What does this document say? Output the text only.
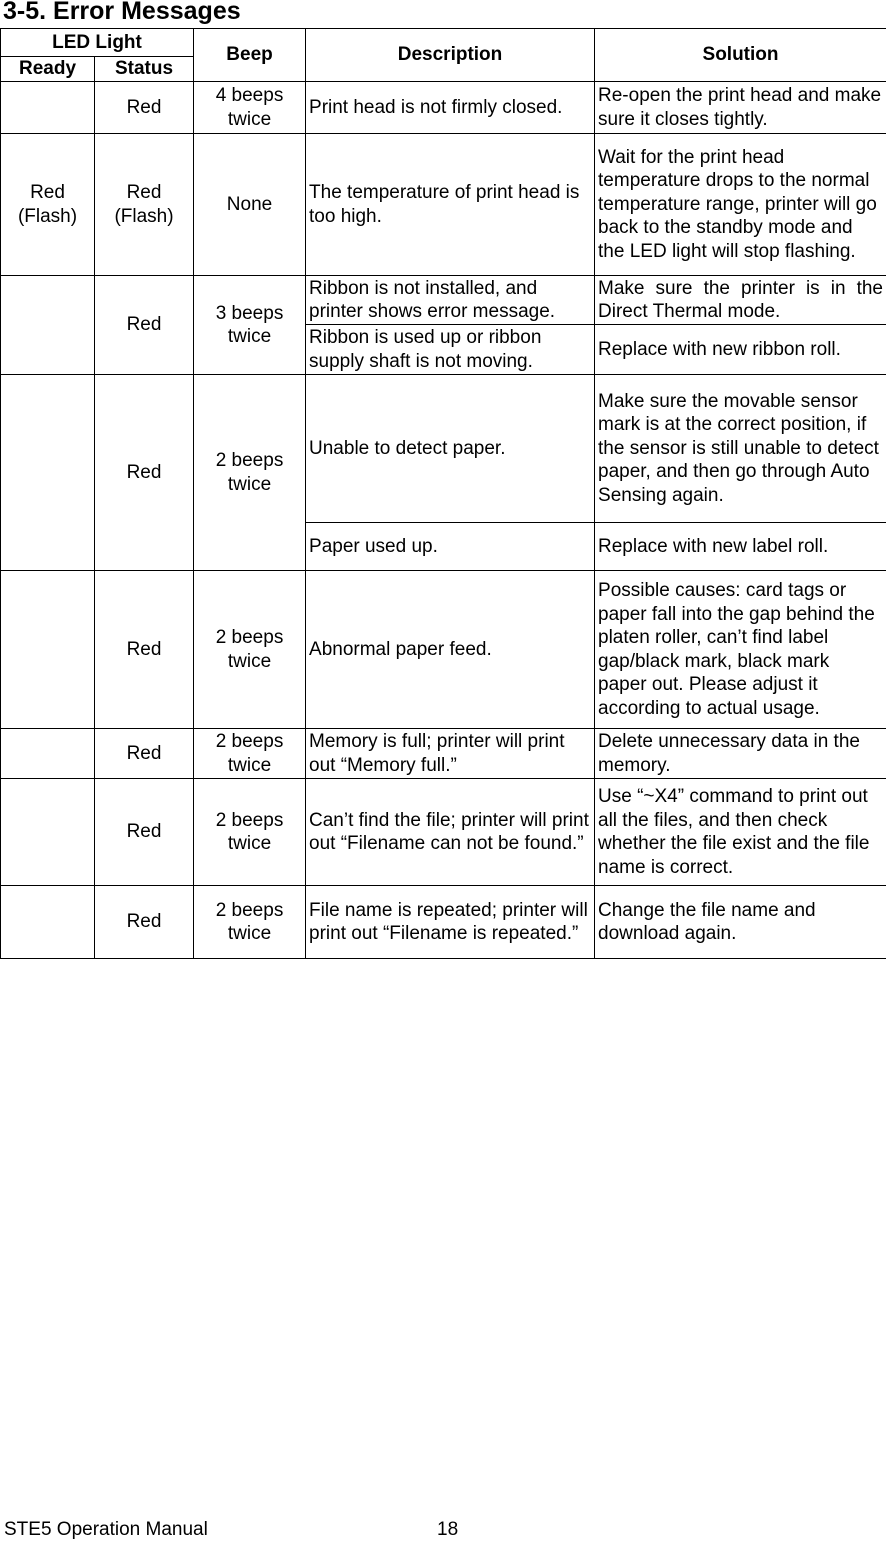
3-5. Error Messages
LED Light		Beep	Description	Solution
Ready	Status			
	Red	4 beeps twice	Print head is not firmly closed.	Re-open the print head and make sure it closes tightly.
Red (Flash)	Red (Flash)	None	The temperature of print head is too high.	Wait for the print head temperature drops to the normal temperature range, printer will go back to the standby mode and the LED light will stop flashing.
	Red	3 beeps twice	Ribbon is not installed, and printer shows error message.	Make sure the printer is in the Direct Thermal mode.
			Ribbon is used up or ribbon supply shaft is not moving.	Replace with new ribbon roll.
	Red	2 beeps twice	Unable to detect paper.	Make sure the movable sensor mark is at the correct position, if the sensor is still unable to detect paper, and then go through Auto Sensing again.
			Paper used up.	Replace with new label roll.
	Red	2 beeps twice	Abnormal paper feed.	Possible causes: card tags or paper fall into the gap behind the platen roller, can’t find label gap/black mark, black mark paper out. Please adjust it according to actual usage.
	Red	2 beeps twice	Memory is full; printer will print out “Memory full.”	Delete unnecessary data in the memory.
	Red	2 beeps twice	Can’t find the file; printer will print out “Filename can not be found.”	Use “~X4” command to print out all the files, and then check whether the file exist and the file name is correct.
	Red	2 beeps twice	File name is repeated; printer will print out “Filename is repeated.”	Change the file name and download again.
STE5 Operation Manual	18
